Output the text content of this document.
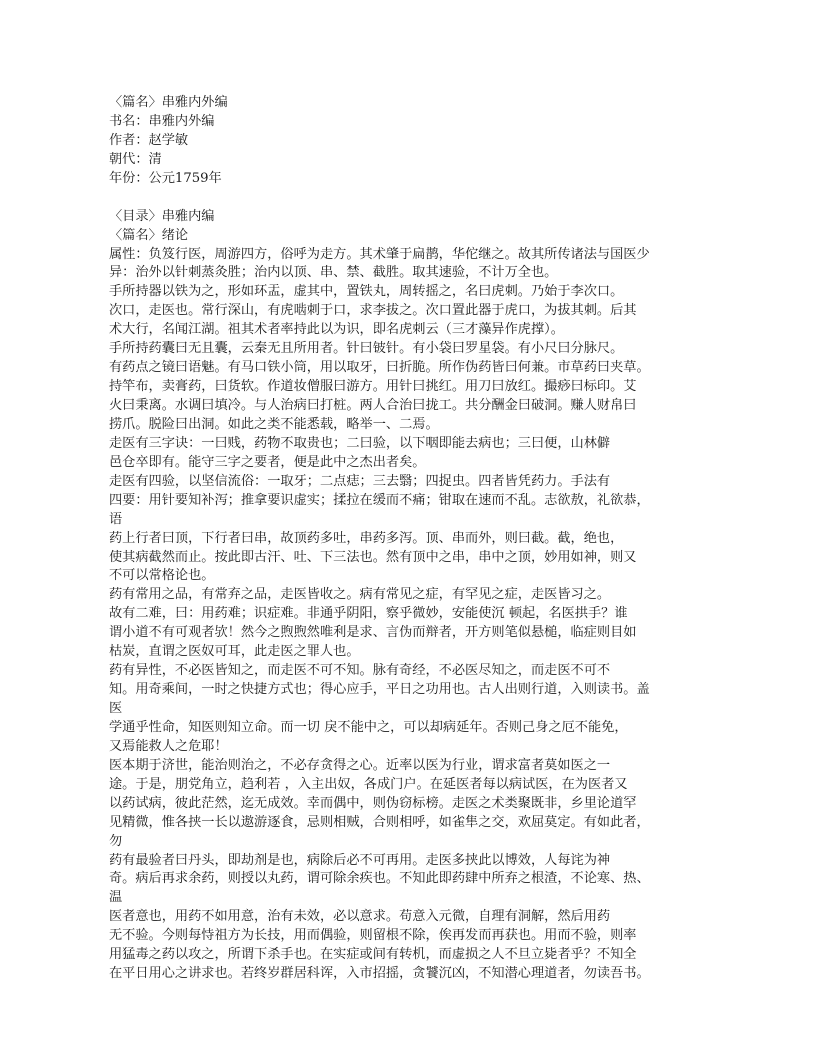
〈篇名〉串雅内外编
书名：串雅内外编
作者：赵学敏
朝代：清
年份：公元1759年
〈目录〉串雅内编
〈篇名〉绪论
属性：负笈行医，周游四方，俗呼为走方。其术肇于扁鹊，华佗继之。故其所传诸法与国医少
异：治外以针刺蒸灸胜；治内以顶、串、禁、截胜。取其速验，不计万全也。
手所持器以铁为之，形如环盂，虚其中，置铁丸，周转摇之，名曰虎刺。乃始于李次口。
次口，走医也。常行深山，有虎啮刺于口，求李拔之。次口置此器于虎口，为拔其刺。后其
术大行，名闻江湖。祖其术者率持此以为识，即名虎刺云（三才藻异作虎撑）。
手所持药囊曰无且囊，云秦无且所用者。针曰铍针。有小袋曰罗星袋。有小尺曰分脉尺。
有药点之镜曰语魅。有马口铁小筒，用以取牙，曰折脆。所作伪药皆曰何兼。市草药曰夹草。
持竿布，卖膏药，曰货软。作道妆僧服曰游方。用针曰挑红。用刀曰放红。撮痧曰标印。艾
火曰秉离。水调曰填冷。与人治病曰打桩。两人合治曰拢工。共分酬金曰破洞。赚人财帛曰
捞爪。脱险曰出洞。如此之类不能悉载，略举一、二焉。
走医有三字诀：一曰贱，药物不取贵也；二曰验，以下咽即能去病也；三曰便，山林僻
邑仓卒即有。能守三字之要者，便是此中之杰出者矣。
走医有四验，以坚信流俗：一取牙；二点痣；三去翳；四捉虫。四者皆凭药力。手法有
四要：用针要知补泻；推拿要识虚实；揉拉在缓而不痛；钳取在速而不乱。志欲敖，礼欲恭，
语
药上行者曰顶，下行者曰串，故顶药多吐，串药多泻。顶、串而外，则曰截。截，绝也，
使其病截然而止。按此即古汗、吐、下三法也。然有顶中之串，串中之顶，妙用如神，则又
不可以常格论也。
药有常用之品，有常弃之品，走医皆收之。病有常见之症，有罕见之症，走医皆习之。
故有二难，曰：用药难；识症难。非通乎阴阳，察乎微妙，安能使沉 顿起，名医拱手？谁
谓小道不有可观者欤！然今之煦煦然唯利是求、言伪而辩者，开方则笔似悬槌，临症则目如
枯炭，直谓之医奴可耳，此走医之罪人也。
药有异性，不必医皆知之，而走医不可不知。脉有奇经，不必医尽知之，而走医不可不
知。用奇乘间，一时之快捷方式也；得心应手，平日之功用也。古人出则行道，入则读书。盖
医
学通乎性命，知医则知立命。而一切 戾不能中之，可以却病延年。否则己身之厄不能免，
又焉能救人之危耶！
医本期于济世，能治则治之，不必存贪得之心。近率以医为行业，谓求富者莫如医之一
途。于是，朋党角立，趋利若 ，入主出奴，各成门户。在延医者每以病试医，在为医者又
以药试病，彼此茫然，迄无成效。幸而偶中，则伪窃标榜。走医之术类聚既非，乡里论道罕
见精微，惟各挟一长以遨游逐食，忌则相贼，合则相呼，如雀隼之交，欢屈莫定。有如此者，
勿
药有最验者曰丹头，即劫剂是也，病除后必不可再用。走医多挟此以博效，人每诧为神
奇。病后再求余药，则授以丸药，谓可除余疾也。不知此即药肆中所弃之根渣，不论寒、热、
温
医者意也，用药不如用意，治有未效，必以意求。苟意入元微，自理有洞解，然后用药
无不验。今则每恃祖方为长技，用而偶验，则留根不除，俟再发而再获也。用而不验，则率
用猛毒之药以攻之，所谓下杀手也。在实症或间有转机，而虚损之人不旦立毙者乎？不知全
在平日用心之讲求也。若终岁群居科诨，入市招摇，贪饕沉凶，不知潜心理道者，勿读吾书。
